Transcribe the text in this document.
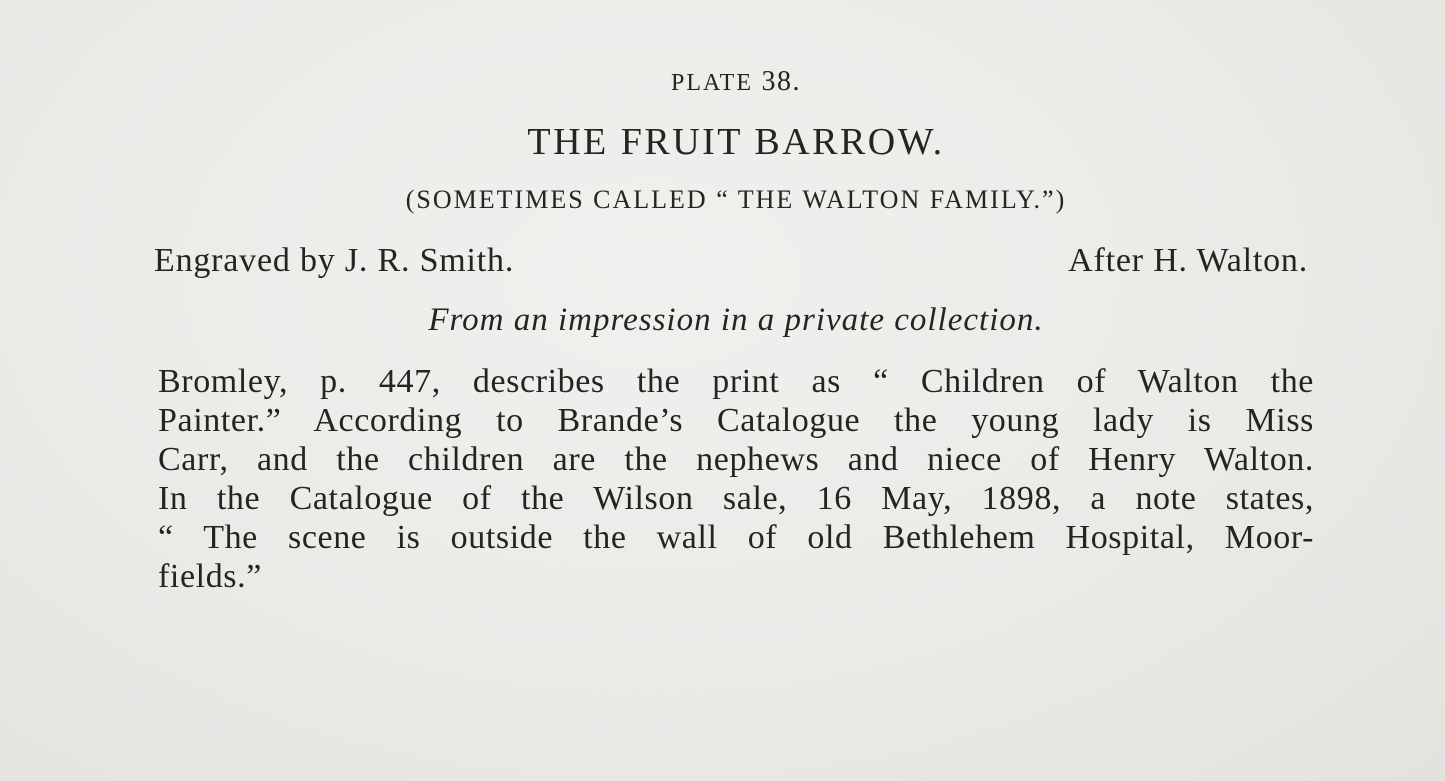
PLATE 38.
THE FRUIT BARROW.
(SOMETIMES CALLED “ THE WALTON FAMILY.”)
Engraved by J. R. Smith.	After H. Walton.
From an impression in a private collection.
Bromley, p. 447, describes the print as “ Children of Walton the
Painter.” According to Brande’s Catalogue the young lady is Miss
Carr, and the children are the nephews and niece of Henry Walton.
In the Catalogue of the Wilson sale, 16 May, 1898, a note states,
“ The scene is outside the wall of old Bethlehem Hospital, Moor-
fields.”
